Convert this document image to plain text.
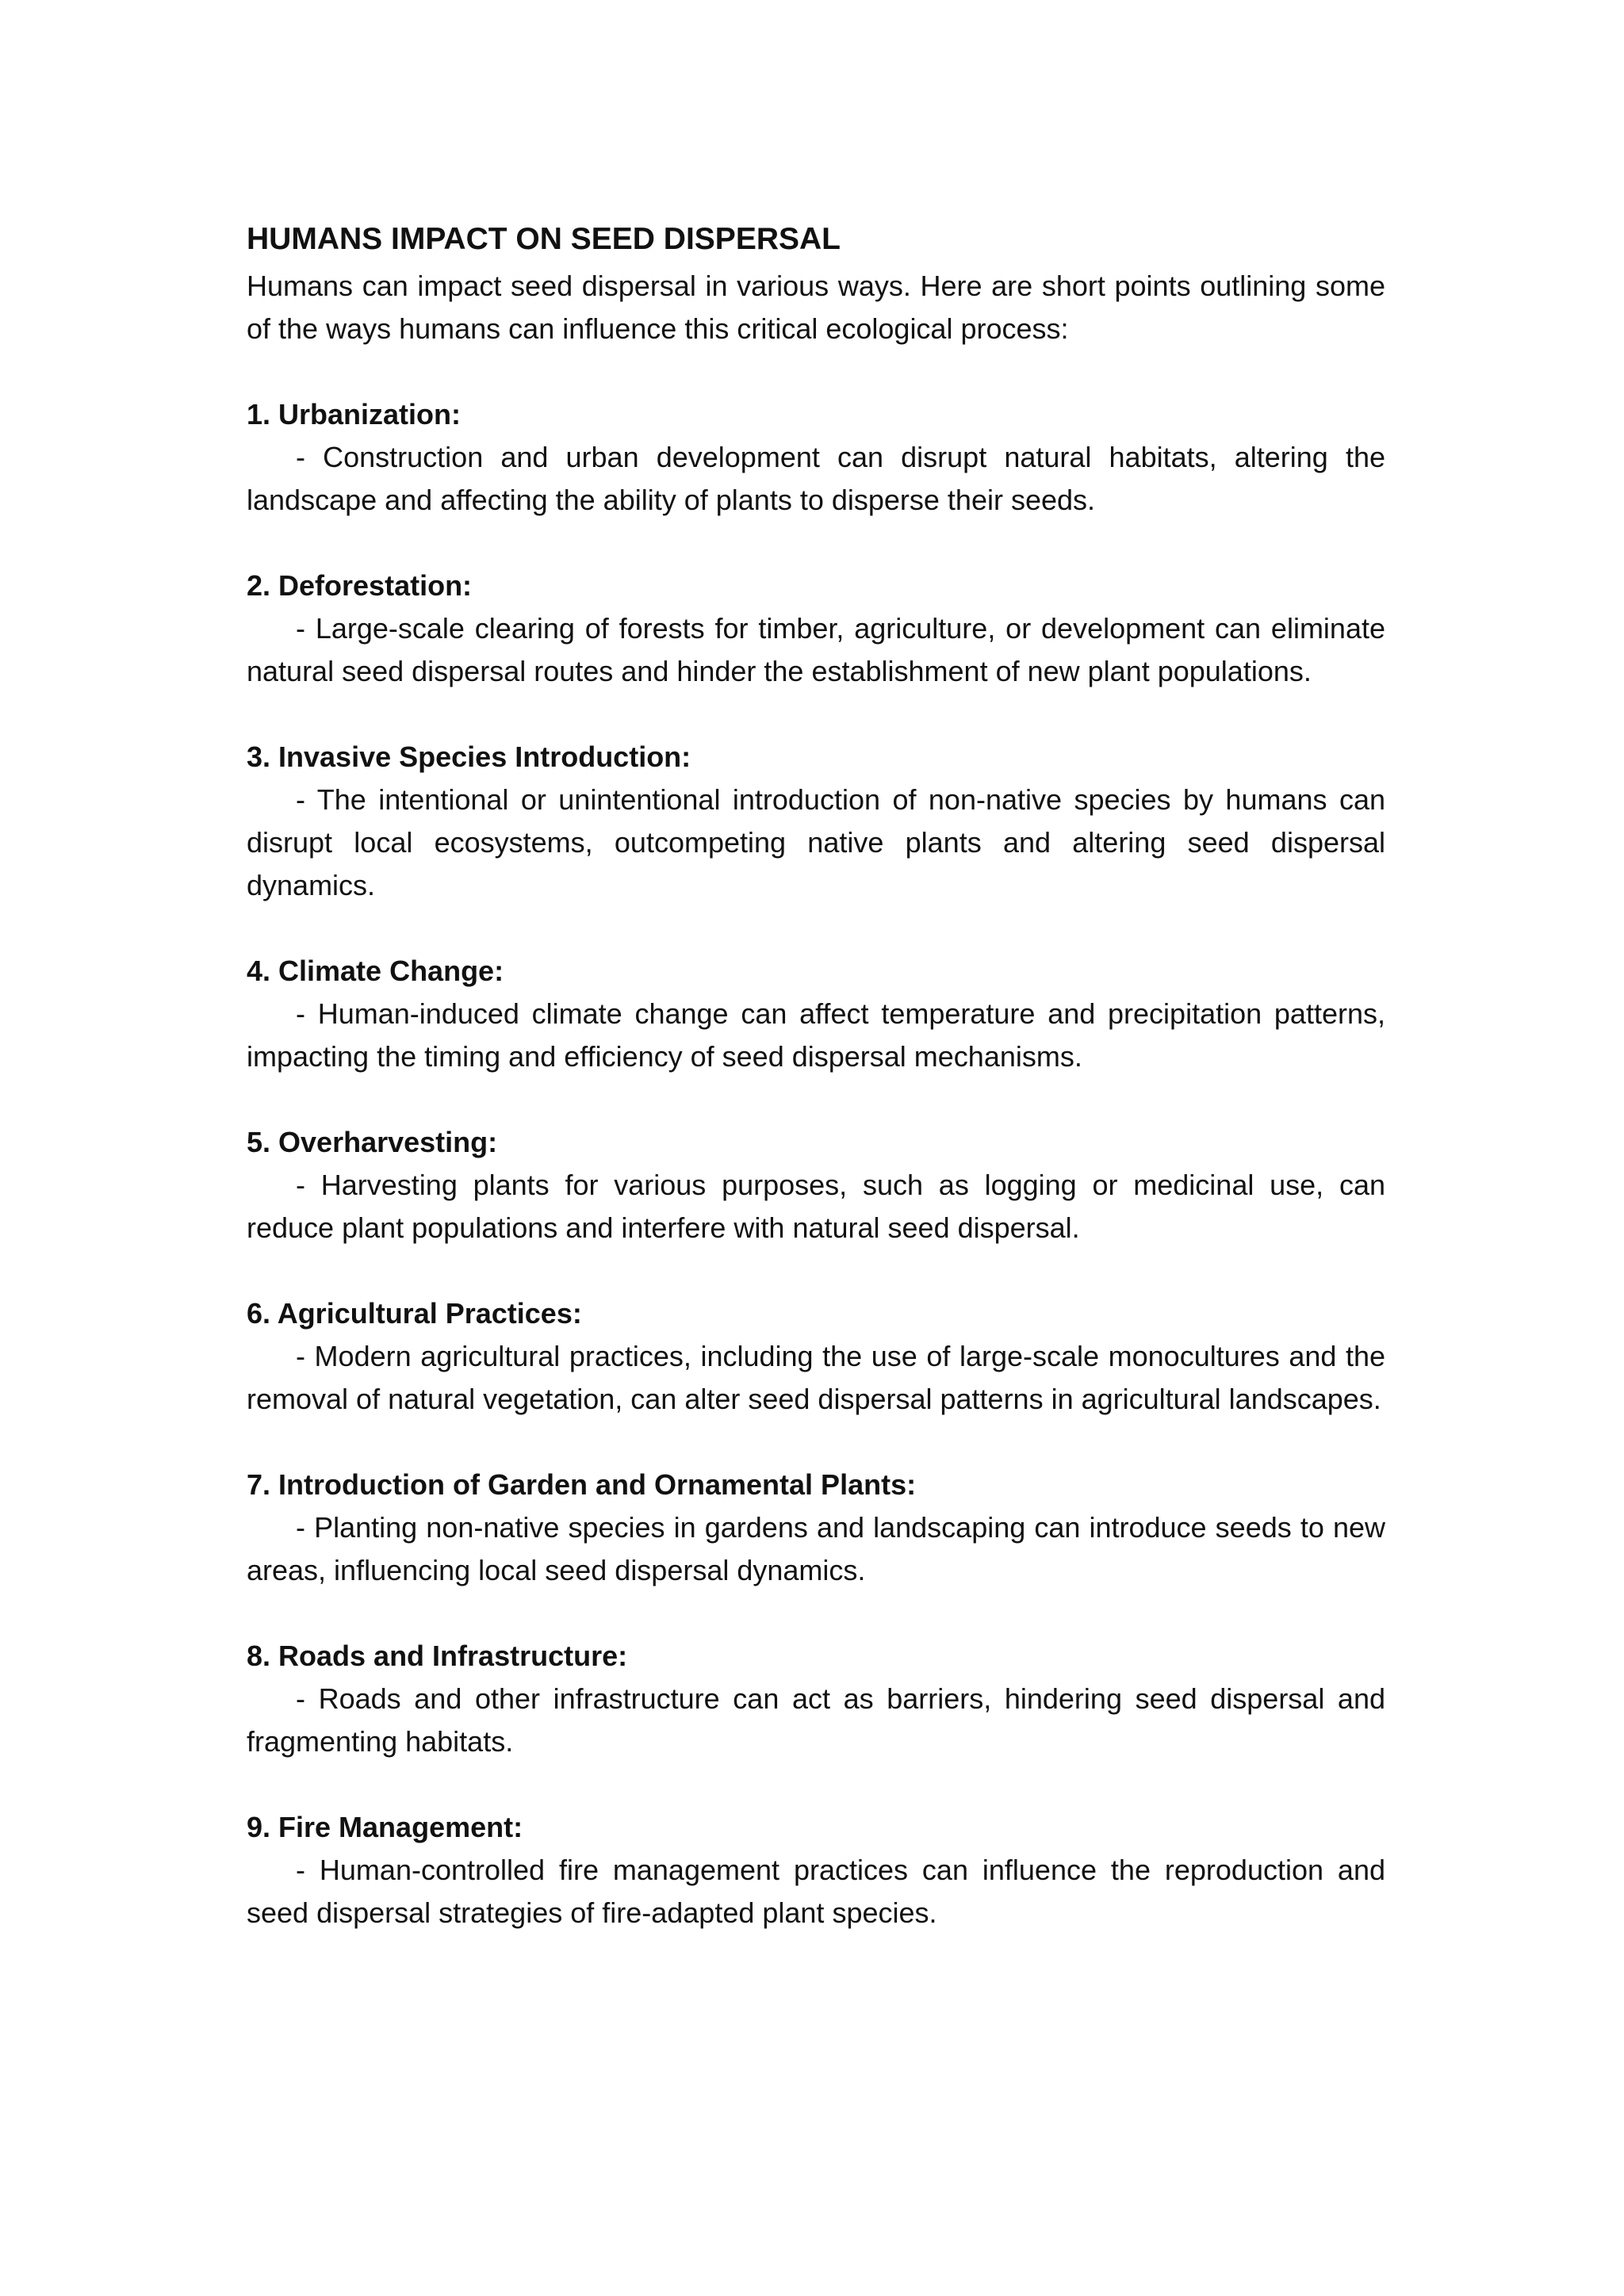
HUMANS IMPACT ON SEED DISPERSAL

Humans can impact seed dispersal in various ways. Here are short points outlining some of the ways humans can influence this critical ecological process:

1. Urbanization:

- Construction and urban development can disrupt natural habitats, altering the landscape and affecting the ability of plants to disperse their seeds.

2. Deforestation:

- Large-scale clearing of forests for timber, agriculture, or development can eliminate natural seed dispersal routes and hinder the establishment of new plant populations.

3. Invasive Species Introduction:

- The intentional or unintentional introduction of non-native species by humans can disrupt local ecosystems, outcompeting native plants and altering seed dispersal dynamics.

4. Climate Change:

- Human-induced climate change can affect temperature and precipitation patterns, impacting the timing and efficiency of seed dispersal mechanisms.

5. Overharvesting:

- Harvesting plants for various purposes, such as logging or medicinal use, can reduce plant populations and interfere with natural seed dispersal.

6. Agricultural Practices:

- Modern agricultural practices, including the use of large-scale monocultures and the removal of natural vegetation, can alter seed dispersal patterns in agricultural landscapes.

7. Introduction of Garden and Ornamental Plants:

- Planting non-native species in gardens and landscaping can introduce seeds to new areas, influencing local seed dispersal dynamics.

8. Roads and Infrastructure:

- Roads and other infrastructure can act as barriers, hindering seed dispersal and fragmenting habitats.

9. Fire Management:

- Human-controlled fire management practices can influence the reproduction and seed dispersal strategies of fire-adapted plant species.
